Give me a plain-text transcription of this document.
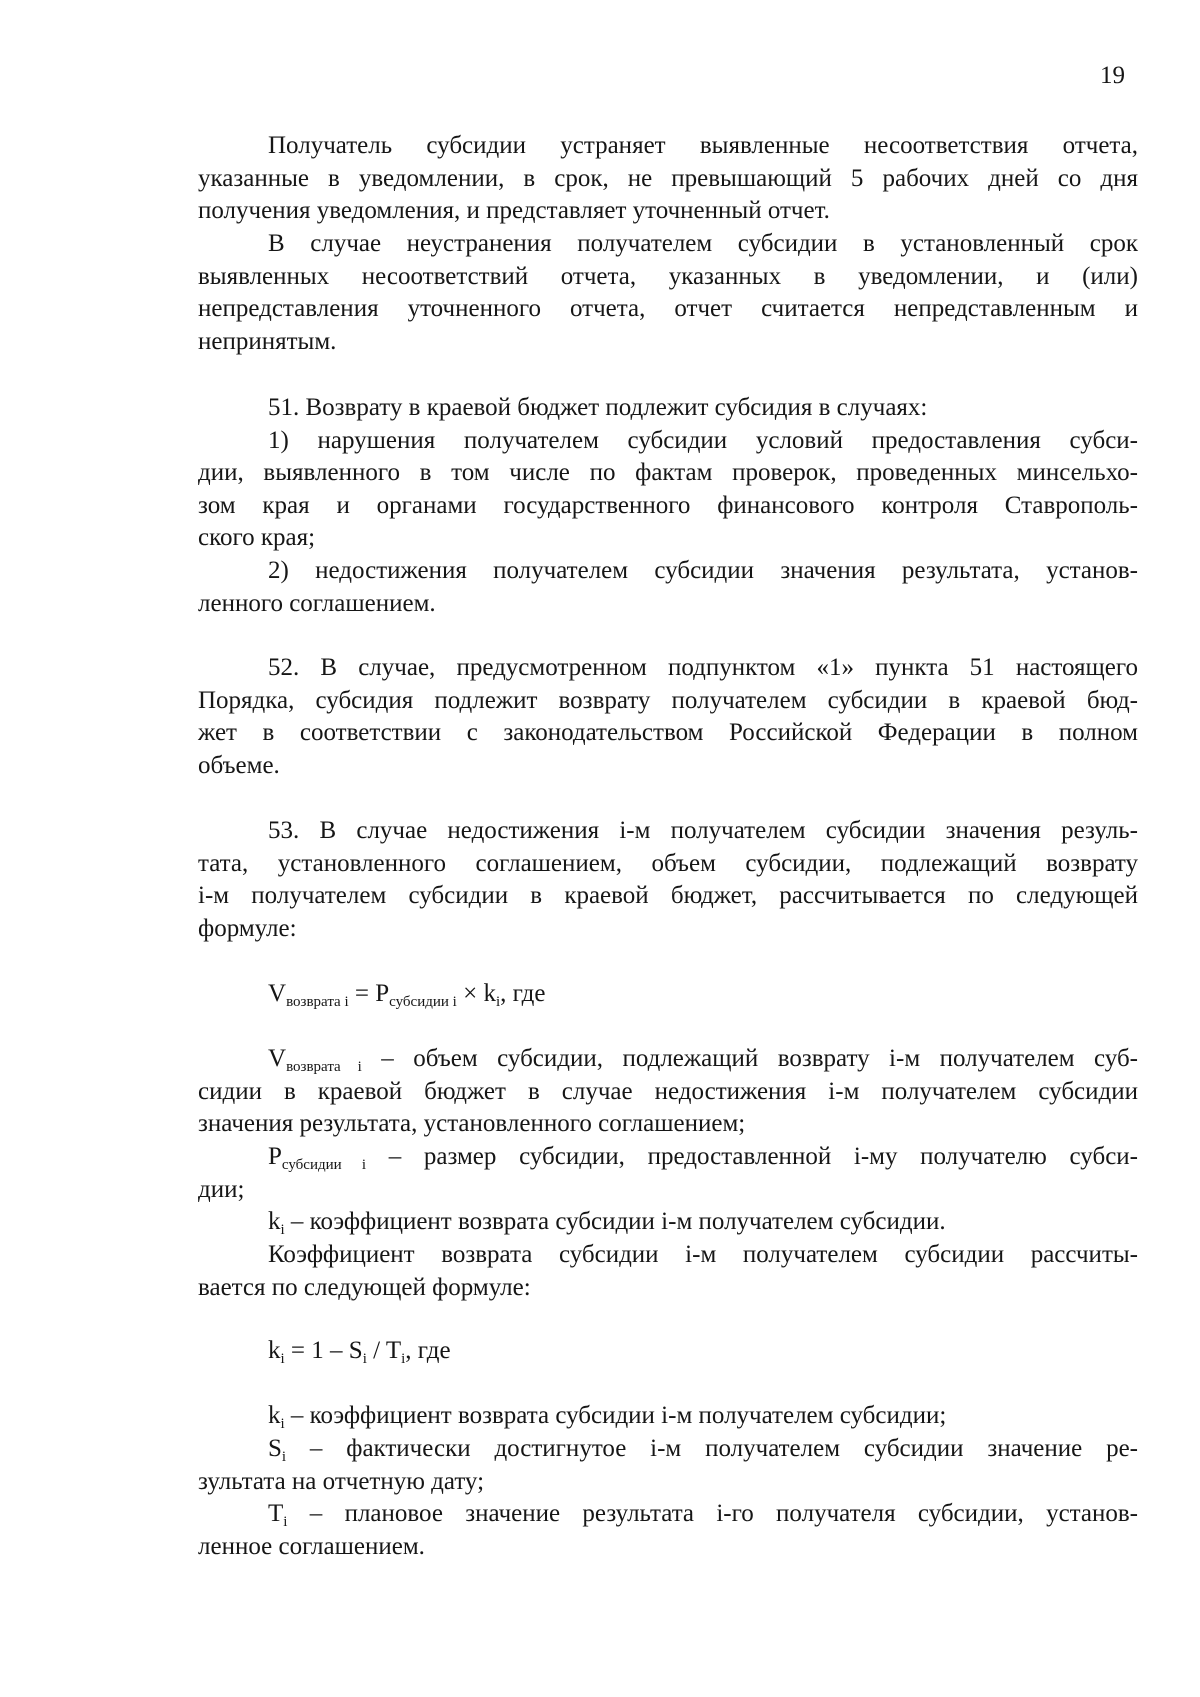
19
Получатель субсидии устраняет выявленные несоответствия отчета,
указанные в уведомлении, в срок, не превышающий 5 рабочих дней со дня
получения уведомления, и представляет уточненный отчет.
В случае неустранения получателем субсидии в установленный срок
выявленных несоответствий отчета, указанных в уведомлении, и (или)
непредставления уточненного отчета, отчет считается непредставленным и
непринятым.
51. Возврату в краевой бюджет подлежит субсидия в случаях:
1) нарушения получателем субсидии условий предоставления субси-
дии, выявленного в том числе по фактам проверок, проведенных минсельхо-
зом края и органами государственного финансового контроля Ставрополь-
ского края;
2) недостижения получателем субсидии значения результата, установ-
ленного соглашением.
52. В случае, предусмотренном подпунктом «1» пункта 51 настоящего
Порядка, субсидия подлежит возврату получателем субсидии в краевой бюд-
жет в соответствии с законодательством Российской Федерации в полном
объеме.
53. В случае недостижения i-м получателем субсидии значения резуль-
тата, установленного соглашением, объем субсидии, подлежащий возврату
i-м получателем субсидии в краевой бюджет, рассчитывается по следующей
формуле:
$V_{возврата i} = P_{субсидии i} \times k_i$, где
$V_{возврата i}$ – объем субсидии, подлежащий возврату i-м получателем суб-
сидии в краевой бюджет в случае недостижения i-м получателем субсидии
значения результата, установленного соглашением;
$P_{субсидии i}$ – размер субсидии, предоставленной i-му получателю субси-
дии;
$k_i$ – коэффициент возврата субсидии i-м получателем субсидии.
Коэффициент возврата субсидии i-м получателем субсидии рассчиты-
вается по следующей формуле:
$k_i = 1 - S_i / T_i$, где
$k_i$ – коэффициент возврата субсидии i-м получателем субсидии;
$S_i$ – фактически достигнутое i-м получателем субсидии значение ре-
зультата на отчетную дату;
$T_i$ – плановое значение результата i-го получателя субсидии, установ-
ленное соглашением.
